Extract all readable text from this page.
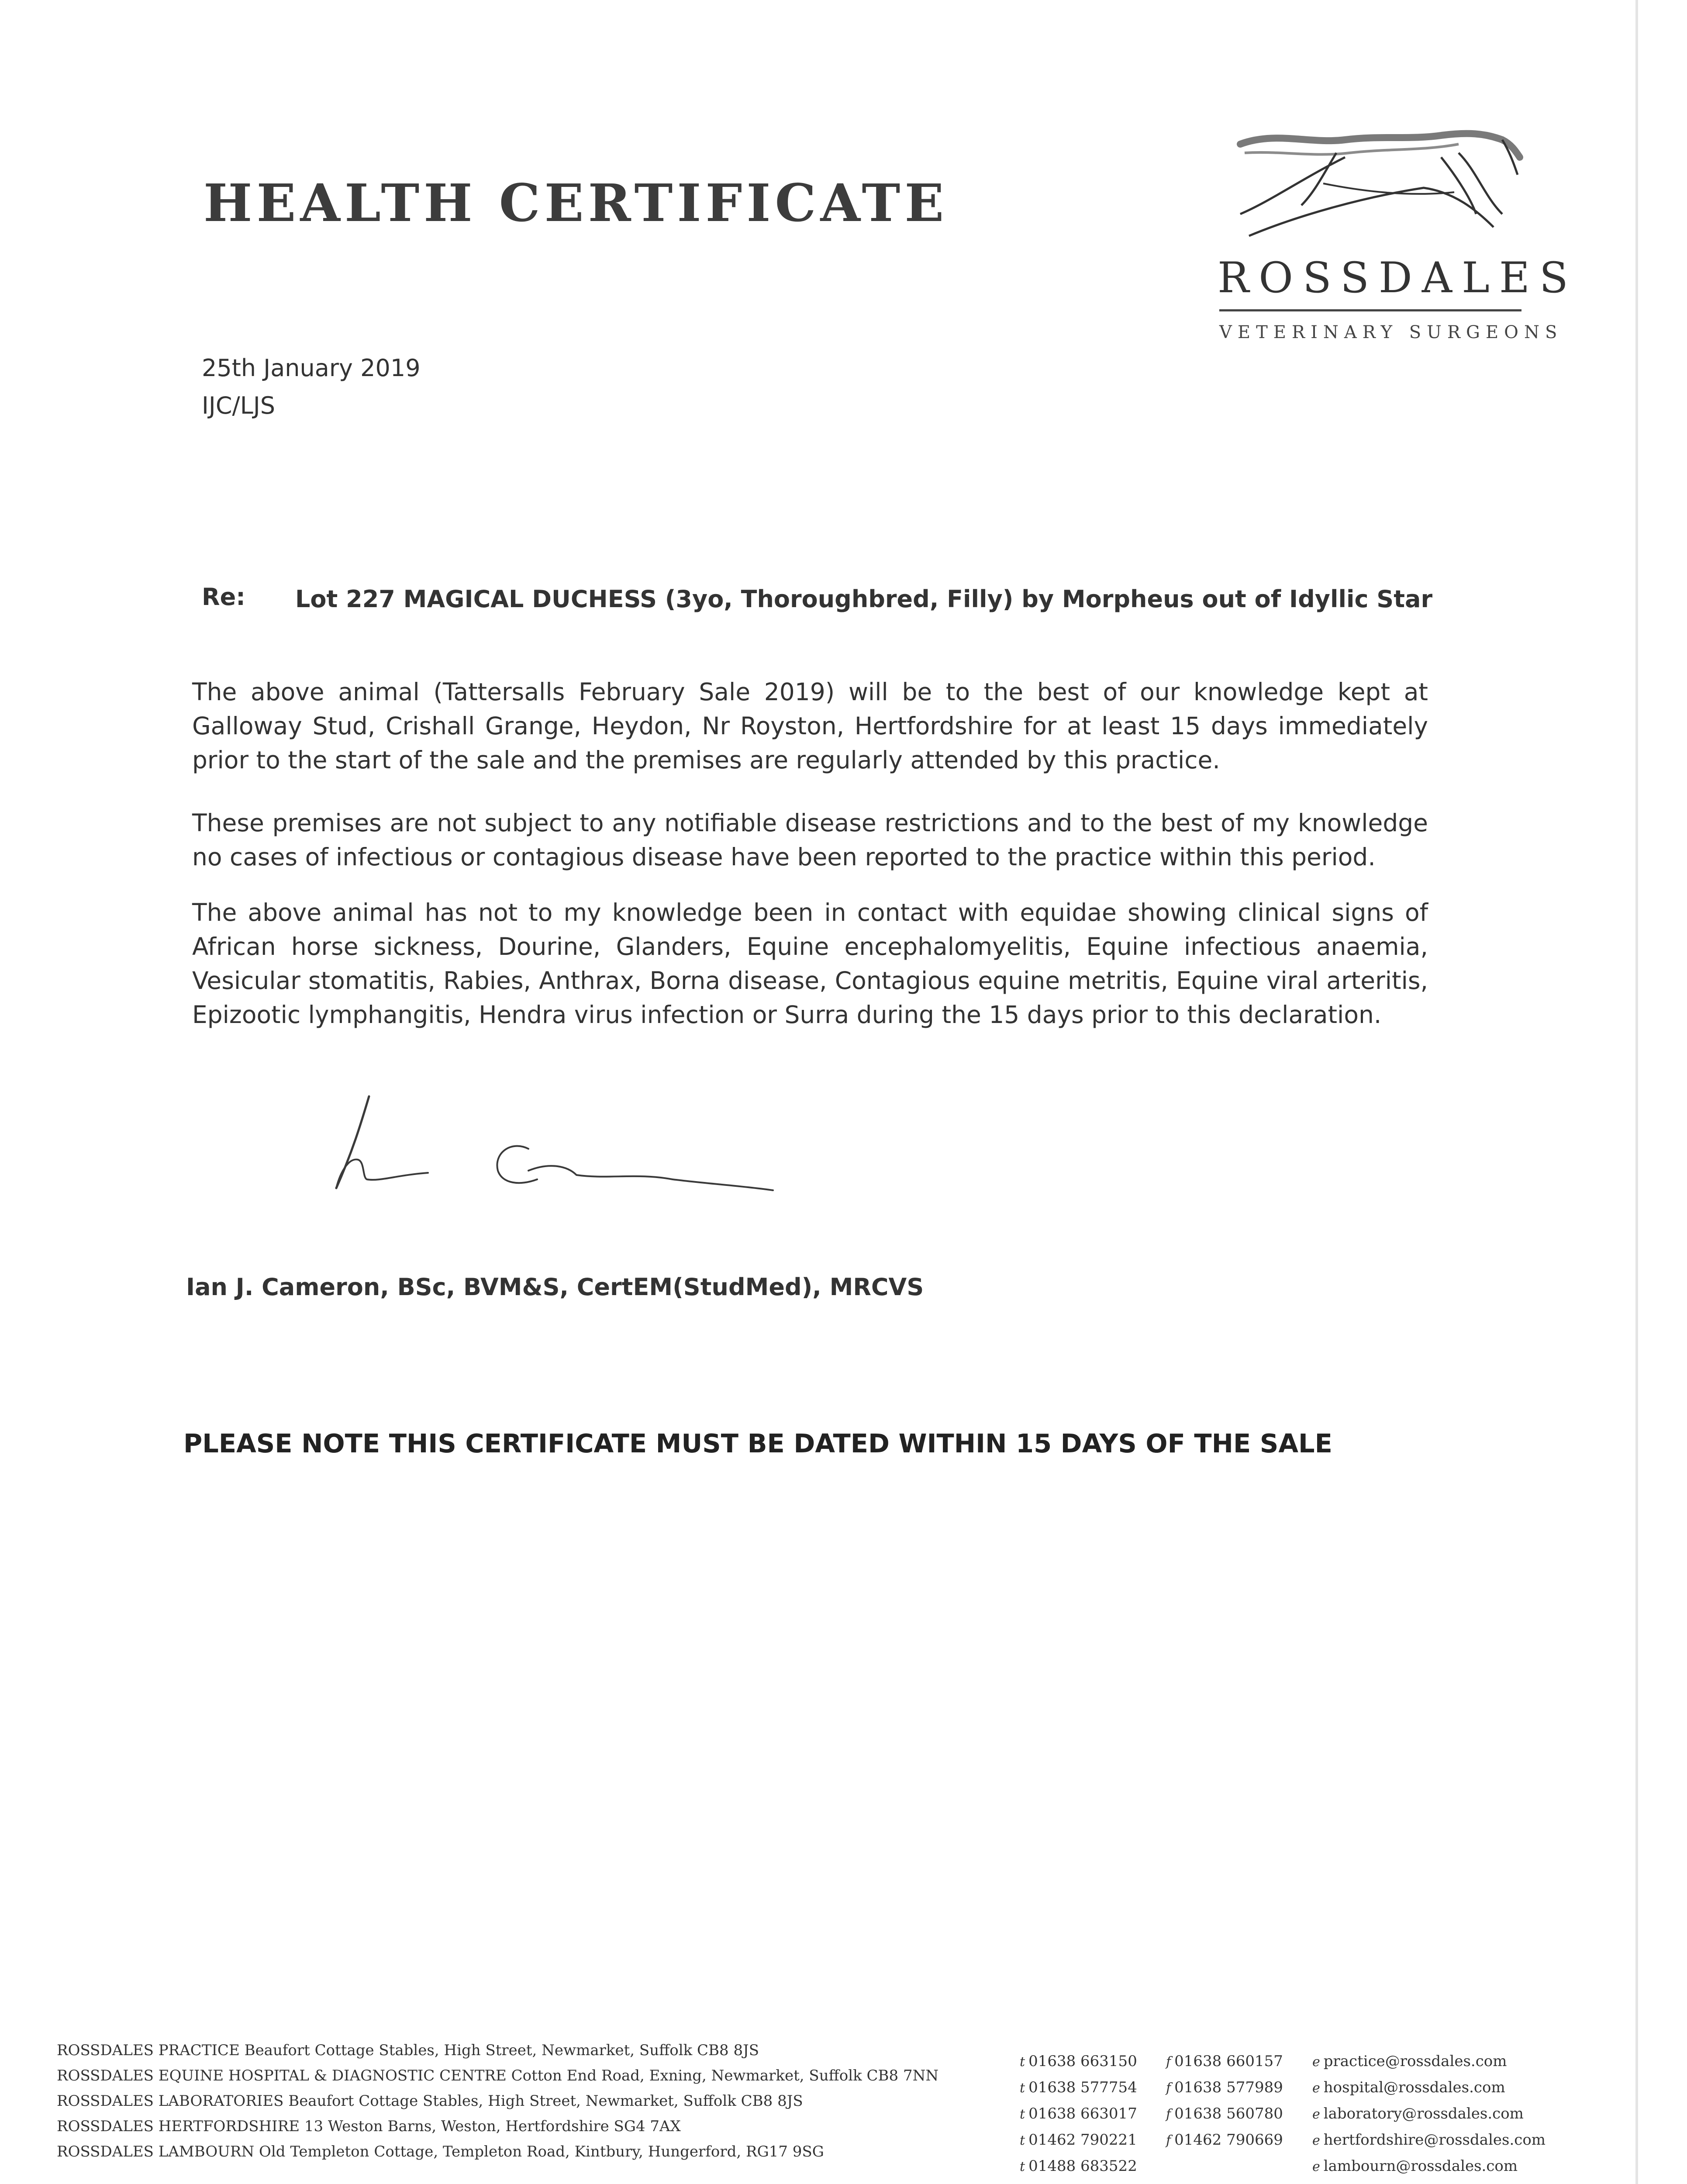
HEALTH CERTIFICATE
ROSSDALES
VETERINARY SURGEONS
25th January 2019
IJC/LJS
Re: Lot 227 MAGICAL DUCHESS (3yo, Thoroughbred, Filly) by Morpheus out of Idyllic Star

The above animal (Tattersalls February Sale 2019) will be to the best of our knowledge kept at Galloway Stud, Crishall Grange, Heydon, Nr Royston, Hertfordshire for at least 15 days immediately prior to the start of the sale and the premises are regularly attended by this practice.

These premises are not subject to any notifiable disease restrictions and to the best of my knowledge no cases of infectious or contagious disease have been reported to the practice within this period.

The above animal has not to my knowledge been in contact with equidae showing clinical signs of African horse sickness, Dourine, Glanders, Equine encephalomyelitis, Equine infectious anaemia, Vesicular stomatitis, Rabies, Anthrax, Borna disease, Contagious equine metritis, Equine viral arteritis, Epizootic lymphangitis, Hendra virus infection or Surra during the 15 days prior to this declaration.

Ian J. Cameron, BSc, BVM&S, CertEM(StudMed), MRCVS
PLEASE NOTE THIS CERTIFICATE MUST BE DATED WITHIN 15 DAYS OF THE SALE
ROSSDALES PRACTICE Beaufort Cottage Stables, High Street, Newmarket, Suffolk CB8 8JS
ROSSDALES EQUINE HOSPITAL & DIAGNOSTIC CENTRE Cotton End Road, Exning, Newmarket, Suffolk CB8 7NN
ROSSDALES LABORATORIES Beaufort Cottage Stables, High Street, Newmarket, Suffolk CB8 8JS
ROSSDALES HERTFORDSHIRE 13 Weston Barns, Weston, Hertfordshire SG4 7AX
ROSSDALES LAMBOURN Old Templeton Cottage, Templeton Road, Kintbury, Hungerford, RG17 9SG
t 01638 663150
t 01638 577754
t 01638 663017
t 01462 790221
t 01488 683522
f 01638 660157
f 01638 577989
f 01638 560780
f 01462 790669
e practice@rossdales.com
e hospital@rossdales.com
e laboratory@rossdales.com
e hertfordshire@rossdales.com
e lambourn@rossdales.com
